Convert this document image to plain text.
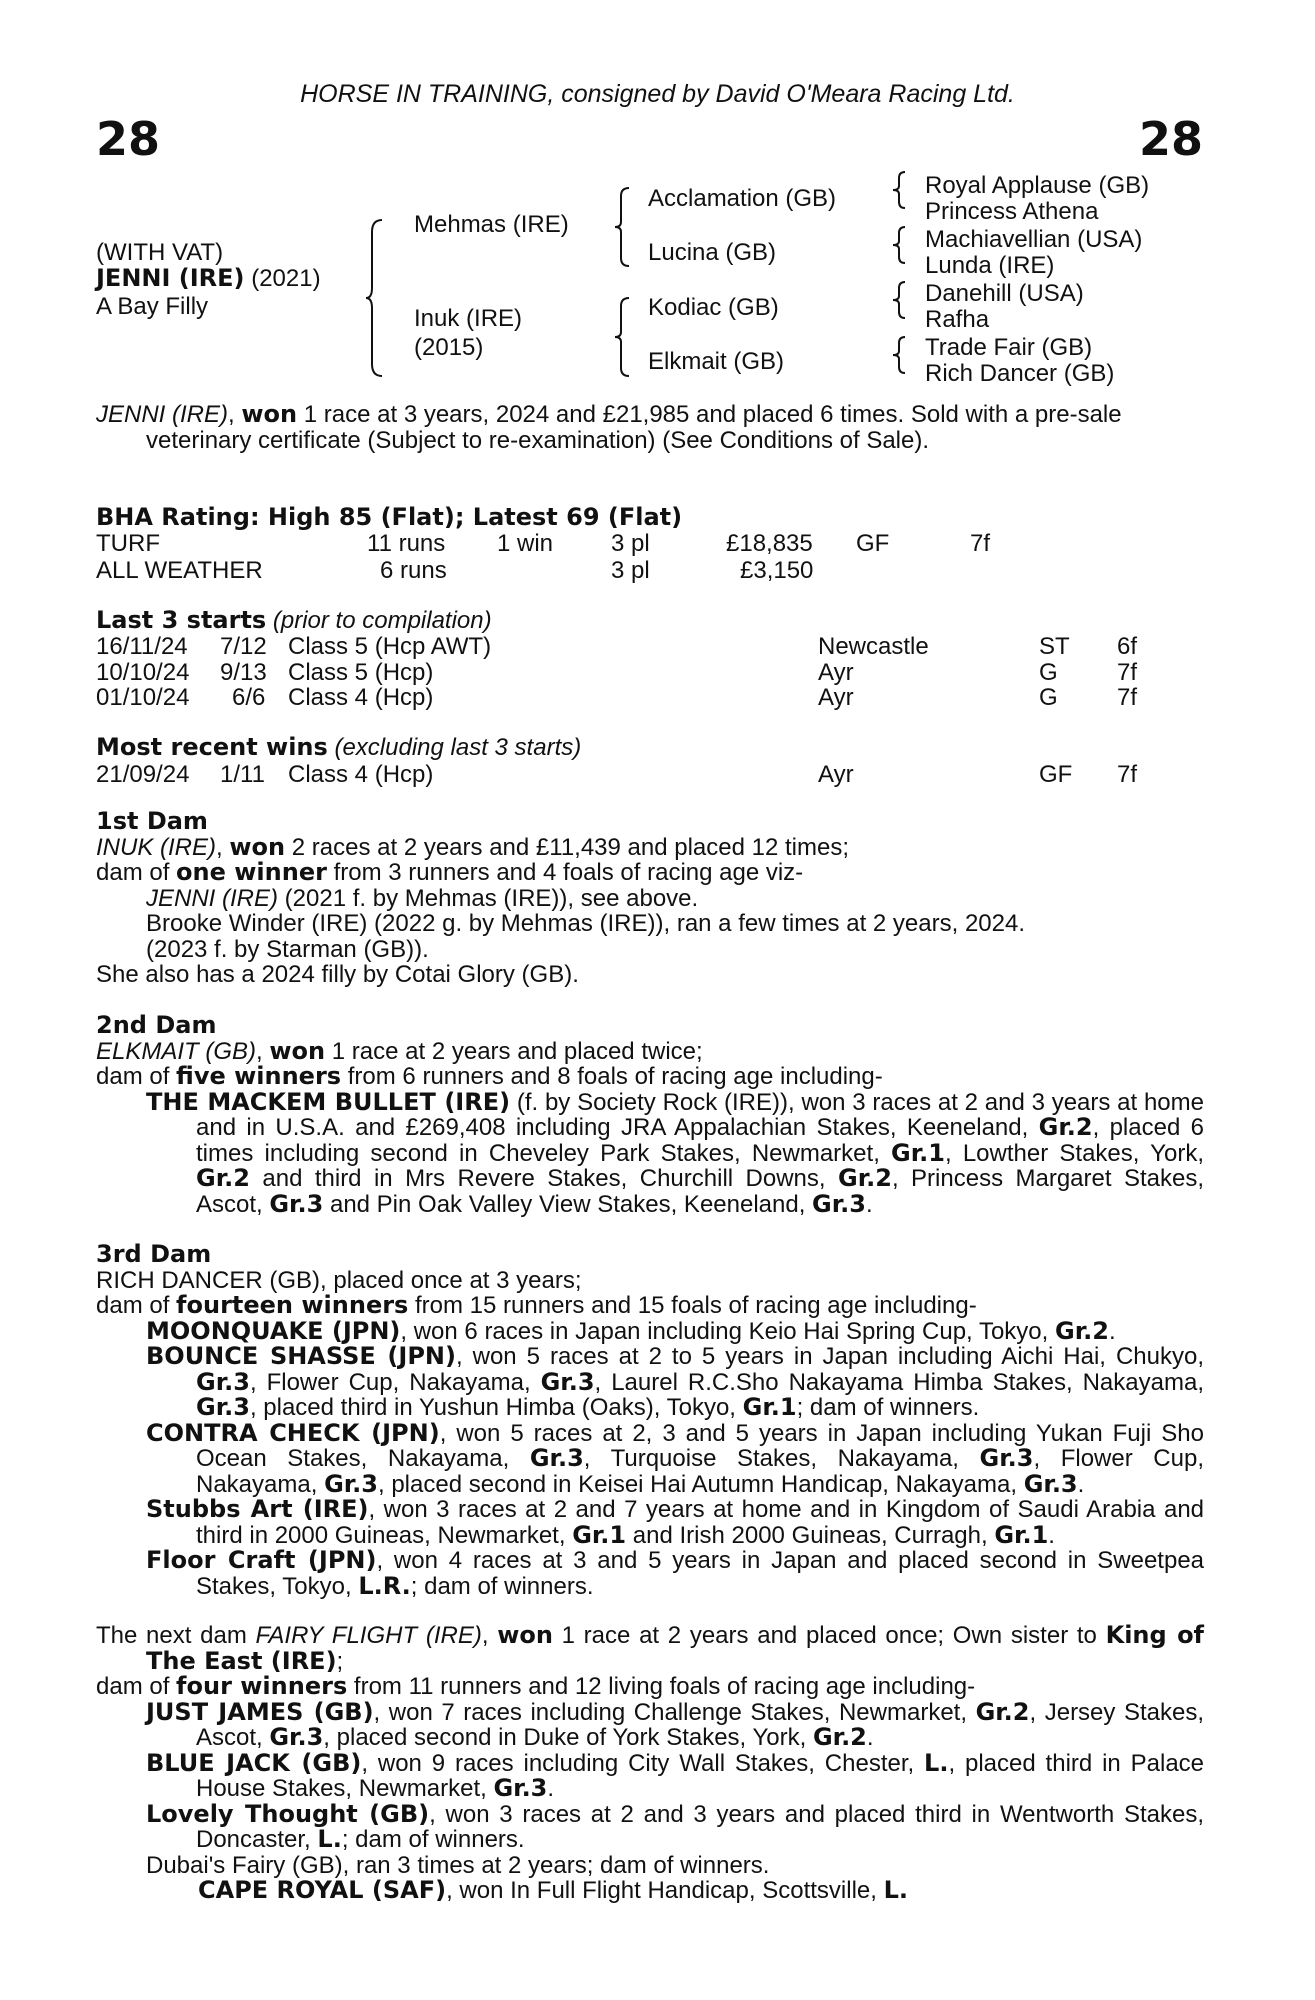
HORSE IN TRAINING, consigned by David O'Meara Racing Ltd.
28	28
(WITH VAT)
JENNI (IRE) (2021)
A Bay Filly
Mehmas (IRE)
Inuk (IRE)
(2015)
Acclamation (GB)
Lucina (GB)
Kodiac (GB)
Elkmait (GB)
Royal Applause (GB)
Princess Athena
Machiavellian (USA)
Lunda (IRE)
Danehill (USA)
Rafha
Trade Fair (GB)
Rich Dancer (GB)

JENNI (IRE), won 1 race at 3 years, 2024 and £21,985 and placed 6 times. Sold with a pre-sale

veterinary certificate (Subject to re-examination) (See Conditions of Sale).

BHA Rating: High 85 (Flat); Latest 69 (Flat)
TURF	11 runs 1 win 3 pl	£18,835 GF	7f
ALL WEATHER	6 runs	3 pl	£3,150
Last 3 starts (prior to compilation)
16/11/24 7/12 Class 5 (Hcp AWT)	Newcastle	ST 6f
10/10/24 9/13 Class 5 (Hcp)	Ayr	G 7f
01/10/24 6/6 Class 4 (Hcp)	Ayr	G 7f
Most recent wins (excluding last 3 starts)
21/09/24 1/11 Class 4 (Hcp)	Ayr	GF 7f

1st Dam

INUK (IRE), won 2 races at 2 years and £11,439 and placed 12 times;

dam of one winner from 3 runners and 4 foals of racing age viz-

JENNI (IRE) (2021 f. by Mehmas (IRE)), see above.

Brooke Winder (IRE) (2022 g. by Mehmas (IRE)), ran a few times at 2 years, 2024.

(2023 f. by Starman (GB)).

She also has a 2024 filly by Cotai Glory (GB).

2nd Dam

ELKMAIT (GB), won 1 race at 2 years and placed twice;

dam of five winners from 6 runners and 8 foals of racing age including-

THE MACKEM BULLET (IRE) (f. by Society Rock (IRE)), won 3 races at 2 and 3 years at home and in U.S.A. and £269,408 including JRA Appalachian Stakes, Keeneland, Gr.2, placed 6 times including second in Cheveley Park Stakes, Newmarket, Gr.1, Lowther Stakes, York, Gr.2 and third in Mrs Revere Stakes, Churchill Downs, Gr.2, Princess Margaret Stakes, Ascot, Gr.3 and Pin Oak Valley View Stakes, Keeneland, Gr.3.

3rd Dam

RICH DANCER (GB), placed once at 3 years;

dam of fourteen winners from 15 runners and 15 foals of racing age including-

MOONQUAKE (JPN), won 6 races in Japan including Keio Hai Spring Cup, Tokyo, Gr.2.

BOUNCE SHASSE (JPN), won 5 races at 2 to 5 years in Japan including Aichi Hai, Chukyo, Gr.3, Flower Cup, Nakayama, Gr.3, Laurel R.C.Sho Nakayama Himba Stakes, Nakayama, Gr.3, placed third in Yushun Himba (Oaks), Tokyo, Gr.1; dam of winners.

CONTRA CHECK (JPN), won 5 races at 2, 3 and 5 years in Japan including Yukan Fuji Sho Ocean Stakes, Nakayama, Gr.3, Turquoise Stakes, Nakayama, Gr.3, Flower Cup, Nakayama, Gr.3, placed second in Keisei Hai Autumn Handicap, Nakayama, Gr.3.

Stubbs Art (IRE), won 3 races at 2 and 7 years at home and in Kingdom of Saudi Arabia and third in 2000 Guineas, Newmarket, Gr.1 and Irish 2000 Guineas, Curragh, Gr.1.

Floor Craft (JPN), won 4 races at 3 and 5 years in Japan and placed second in Sweetpea Stakes, Tokyo, L.R.; dam of winners.

The next dam FAIRY FLIGHT (IRE), won 1 race at 2 years and placed once; Own sister to King of The East (IRE);

dam of four winners from 11 runners and 12 living foals of racing age including-

JUST JAMES (GB), won 7 races including Challenge Stakes, Newmarket, Gr.2, Jersey Stakes, Ascot, Gr.3, placed second in Duke of York Stakes, York, Gr.2.

BLUE JACK (GB), won 9 races including City Wall Stakes, Chester, L., placed third in Palace House Stakes, Newmarket, Gr.3.

Lovely Thought (GB), won 3 races at 2 and 3 years and placed third in Wentworth Stakes, Doncaster, L.; dam of winners.

Dubai's Fairy (GB), ran 3 times at 2 years; dam of winners.

CAPE ROYAL (SAF), won In Full Flight Handicap, Scottsville, L.
